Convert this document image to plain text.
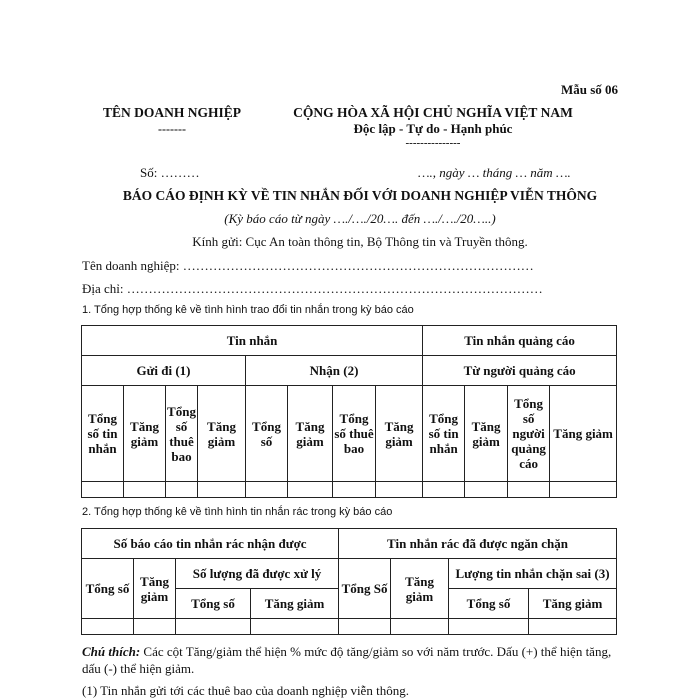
Mẫu số 06
TÊN DOANH NGHIỆP
-------
CỘNG HÒA XÃ HỘI CHỦ NGHĨA VIỆT NAM
Độc lập - Tự do - Hạnh phúc
---------------
Số: ………	…., ngày … tháng … năm ….
BÁO CÁO ĐỊNH KỲ VỀ TIN NHẮN ĐỐI VỚI DOANH NGHIỆP VIỄN THÔNG
(Kỳ báo cáo từ ngày …./…./20…. đến …./…./20…..)
Kính gửi: Cục An toàn thông tin, Bộ Thông tin và Truyền thông.
Tên doanh nghiệp: ………………………………………………………………………
Địa chỉ: ……………………………………………………………………………………
1. Tổng hợp thống kê về tình hình trao đổi tin nhắn trong kỳ báo cáo
Tin nhắn								Tin nhắn quảng cáo			
Gửi đi (1)				Nhận (2)				Từ người quảng cáo			
Tổng số tin nhắn	Tăng giảm	Tổng số thuê bao	Tăng giảm	Tổng số	Tăng giảm	Tổng số thuê bao	Tăng giảm	Tổng số tin nhắn	Tăng giảm	Tổng số người quảng cáo	Tăng giảm

2. Tổng hợp thống kê về tình hình tin nhắn rác trong kỳ báo cáo
Số báo cáo tin nhắn rác nhận được				Tin nhắn rác đã được ngăn chặn			
Tổng số	Tăng giảm	Số lượng đã được xử lý		Tổng Số	Tăng giảm	Lượng tin nhắn chặn sai (3)	
		Tổng số	Tăng giảm			Tổng số	Tăng giảm

Chú thích: Các cột Tăng/giảm thể hiện % mức độ tăng/giảm so với năm trước. Dấu (+) thể hiện tăng, dấu (-) thể hiện giảm.
(1) Tin nhắn gửi tới các thuê bao của doanh nghiệp viễn thông.
